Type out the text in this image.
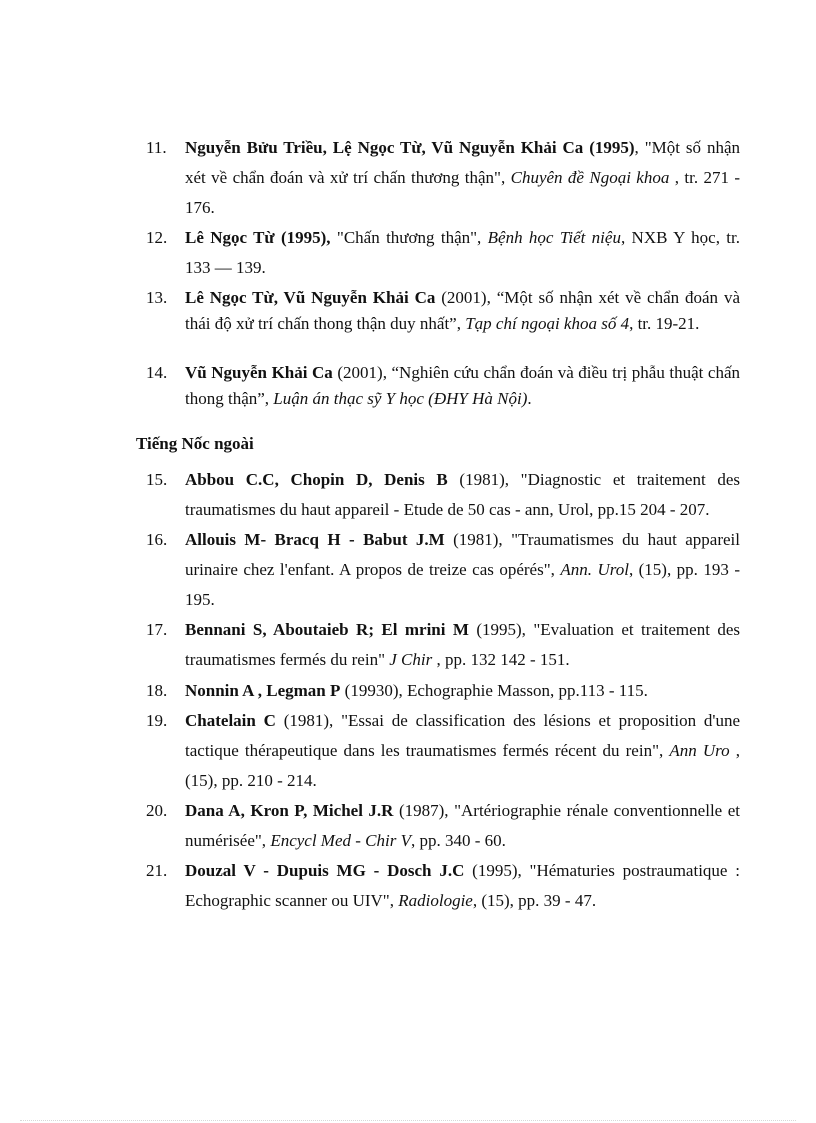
11.	Nguyễn Bửu Triều, Lệ Ngọc Từ, Vũ Nguyễn Khải Ca (1995), "Một số nhận xét về chẩn đoán và xử trí chấn thương thận", Chuyên đề Ngoại khoa , tr. 271 - 176.
12.	Lê Ngọc Từ (1995), "Chấn thương thận", Bệnh học Tiết niệu, NXB Y học, tr. 133 — 139.
13.	Lê Ngọc Từ, Vũ Nguyễn Khải Ca (2001), “Một số nhận xét về chẩn đoán và thái độ xử trí chấn thong thận duy nhất”, Tạp chí ngoại khoa số 4, tr. 19-21.
14.	Vũ Nguyễn Khải Ca (2001), “Nghiên cứu chẩn đoán và điều trị phẫu thuật chấn thong thận”, Luận án thạc sỹ Y học (ĐHY Hà Nội).
Tiếng Nốc ngoài
15.	Abbou C.C, Chopin D, Denis B (1981), "Diagnostic et traitement des traumatismes du haut appareil - Etude de 50 cas - ann, Urol, pp.15 204 - 207.
16.	Allouis M- Bracq H - Babut J.M (1981), "Traumatismes du haut appareil urinaire chez l'enfant. A propos de treize cas opérés", Ann. Urol, (15), pp. 193 - 195.
17.	Bennani S, Aboutaieb R; El mrini M (1995), "Evaluation et traitement des traumatismes fermés du rein" J Chir , pp. 132 142 - 151.
18.	Nonnin A , Legman P (19930), Echographie Masson, pp.113 - 115.
19.	Chatelain C (1981), "Essai de classification des lésions et proposition d'une tactique thérapeutique dans les traumatismes fermés récent du rein", Ann Uro , (15), pp. 210 - 214.
20.	Dana A, Kron P, Michel J.R (1987), "Artériographie rénale conventionnelle et numérisée", Encycl Med - Chir V, pp. 340 - 60.
21.	Douzal V - Dupuis MG - Dosch J.C (1995), "Hématuries postraumatique : Echographic scanner ou UIV", Radiologie, (15), pp. 39 - 47.
